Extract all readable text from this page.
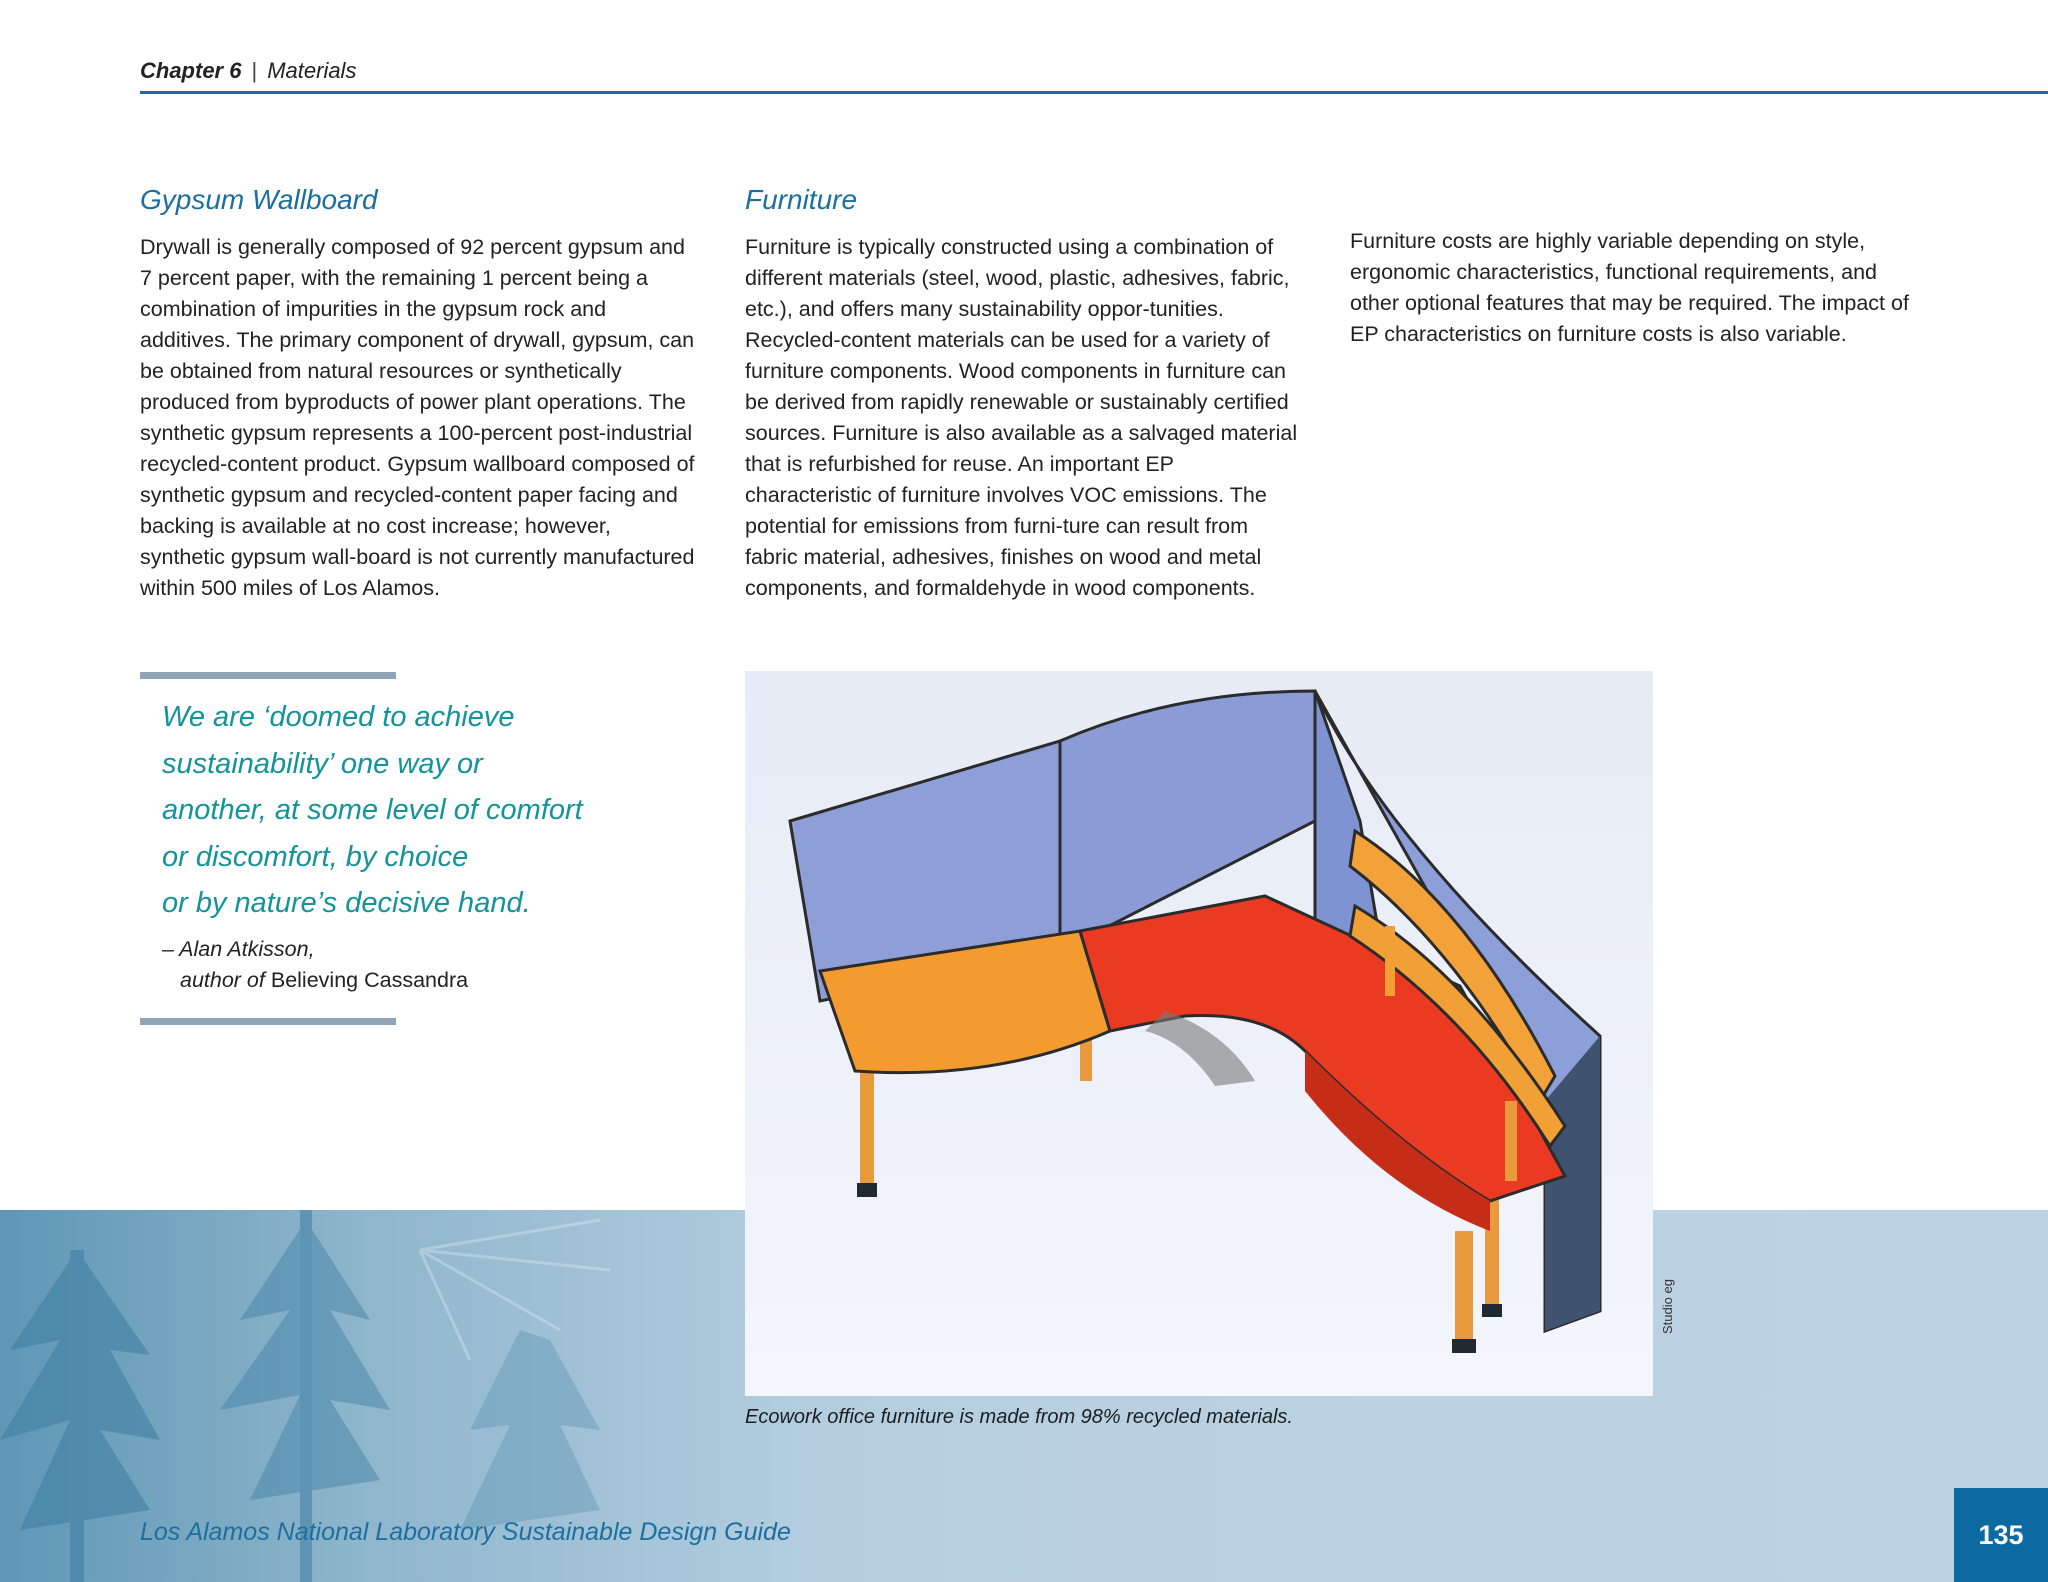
Chapter 6 | Materials
Gypsum Wallboard

Drywall is generally composed of 92 percent gypsum and 7 percent paper, with the remaining 1 percent being a combination of impurities in the gypsum rock and additives. The primary component of drywall, gypsum, can be obtained from natural resources or synthetically produced from byproducts of power plant operations. The synthetic gypsum represents a 100-percent post-industrial recycled-content product. Gypsum wallboard composed of synthetic gypsum and recycled-content paper facing and backing is available at no cost increase; however, synthetic gypsum wall-board is not currently manufactured within 500 miles of Los Alamos.

Furniture

Furniture is typically constructed using a combination of different materials (steel, wood, plastic, adhesives, fabric, etc.), and offers many sustainability oppor-tunities. Recycled-content materials can be used for a variety of furniture components. Wood components in furniture can be derived from rapidly renewable or sustainably certified sources. Furniture is also available as a salvaged material that is refurbished for reuse. An important EP characteristic of furniture involves VOC emissions. The potential for emissions from furni-ture can result from fabric material, adhesives, finishes on wood and metal components, and formaldehyde in wood components.

Furniture costs are highly variable depending on style, ergonomic characteristics, functional requirements, and other optional features that may be required. The impact of EP characteristics on furniture costs is also variable.

We are ‘doomed to achieve
sustainability’ one way or
another, at some level of comfort
or discomfort, by choice
or by nature’s decisive hand.
– Alan Atkisson,
author of Believing Cassandra
Studio eg
Ecowork office furniture is made from 98% recycled materials.
Los Alamos National Laboratory Sustainable Design Guide	135
